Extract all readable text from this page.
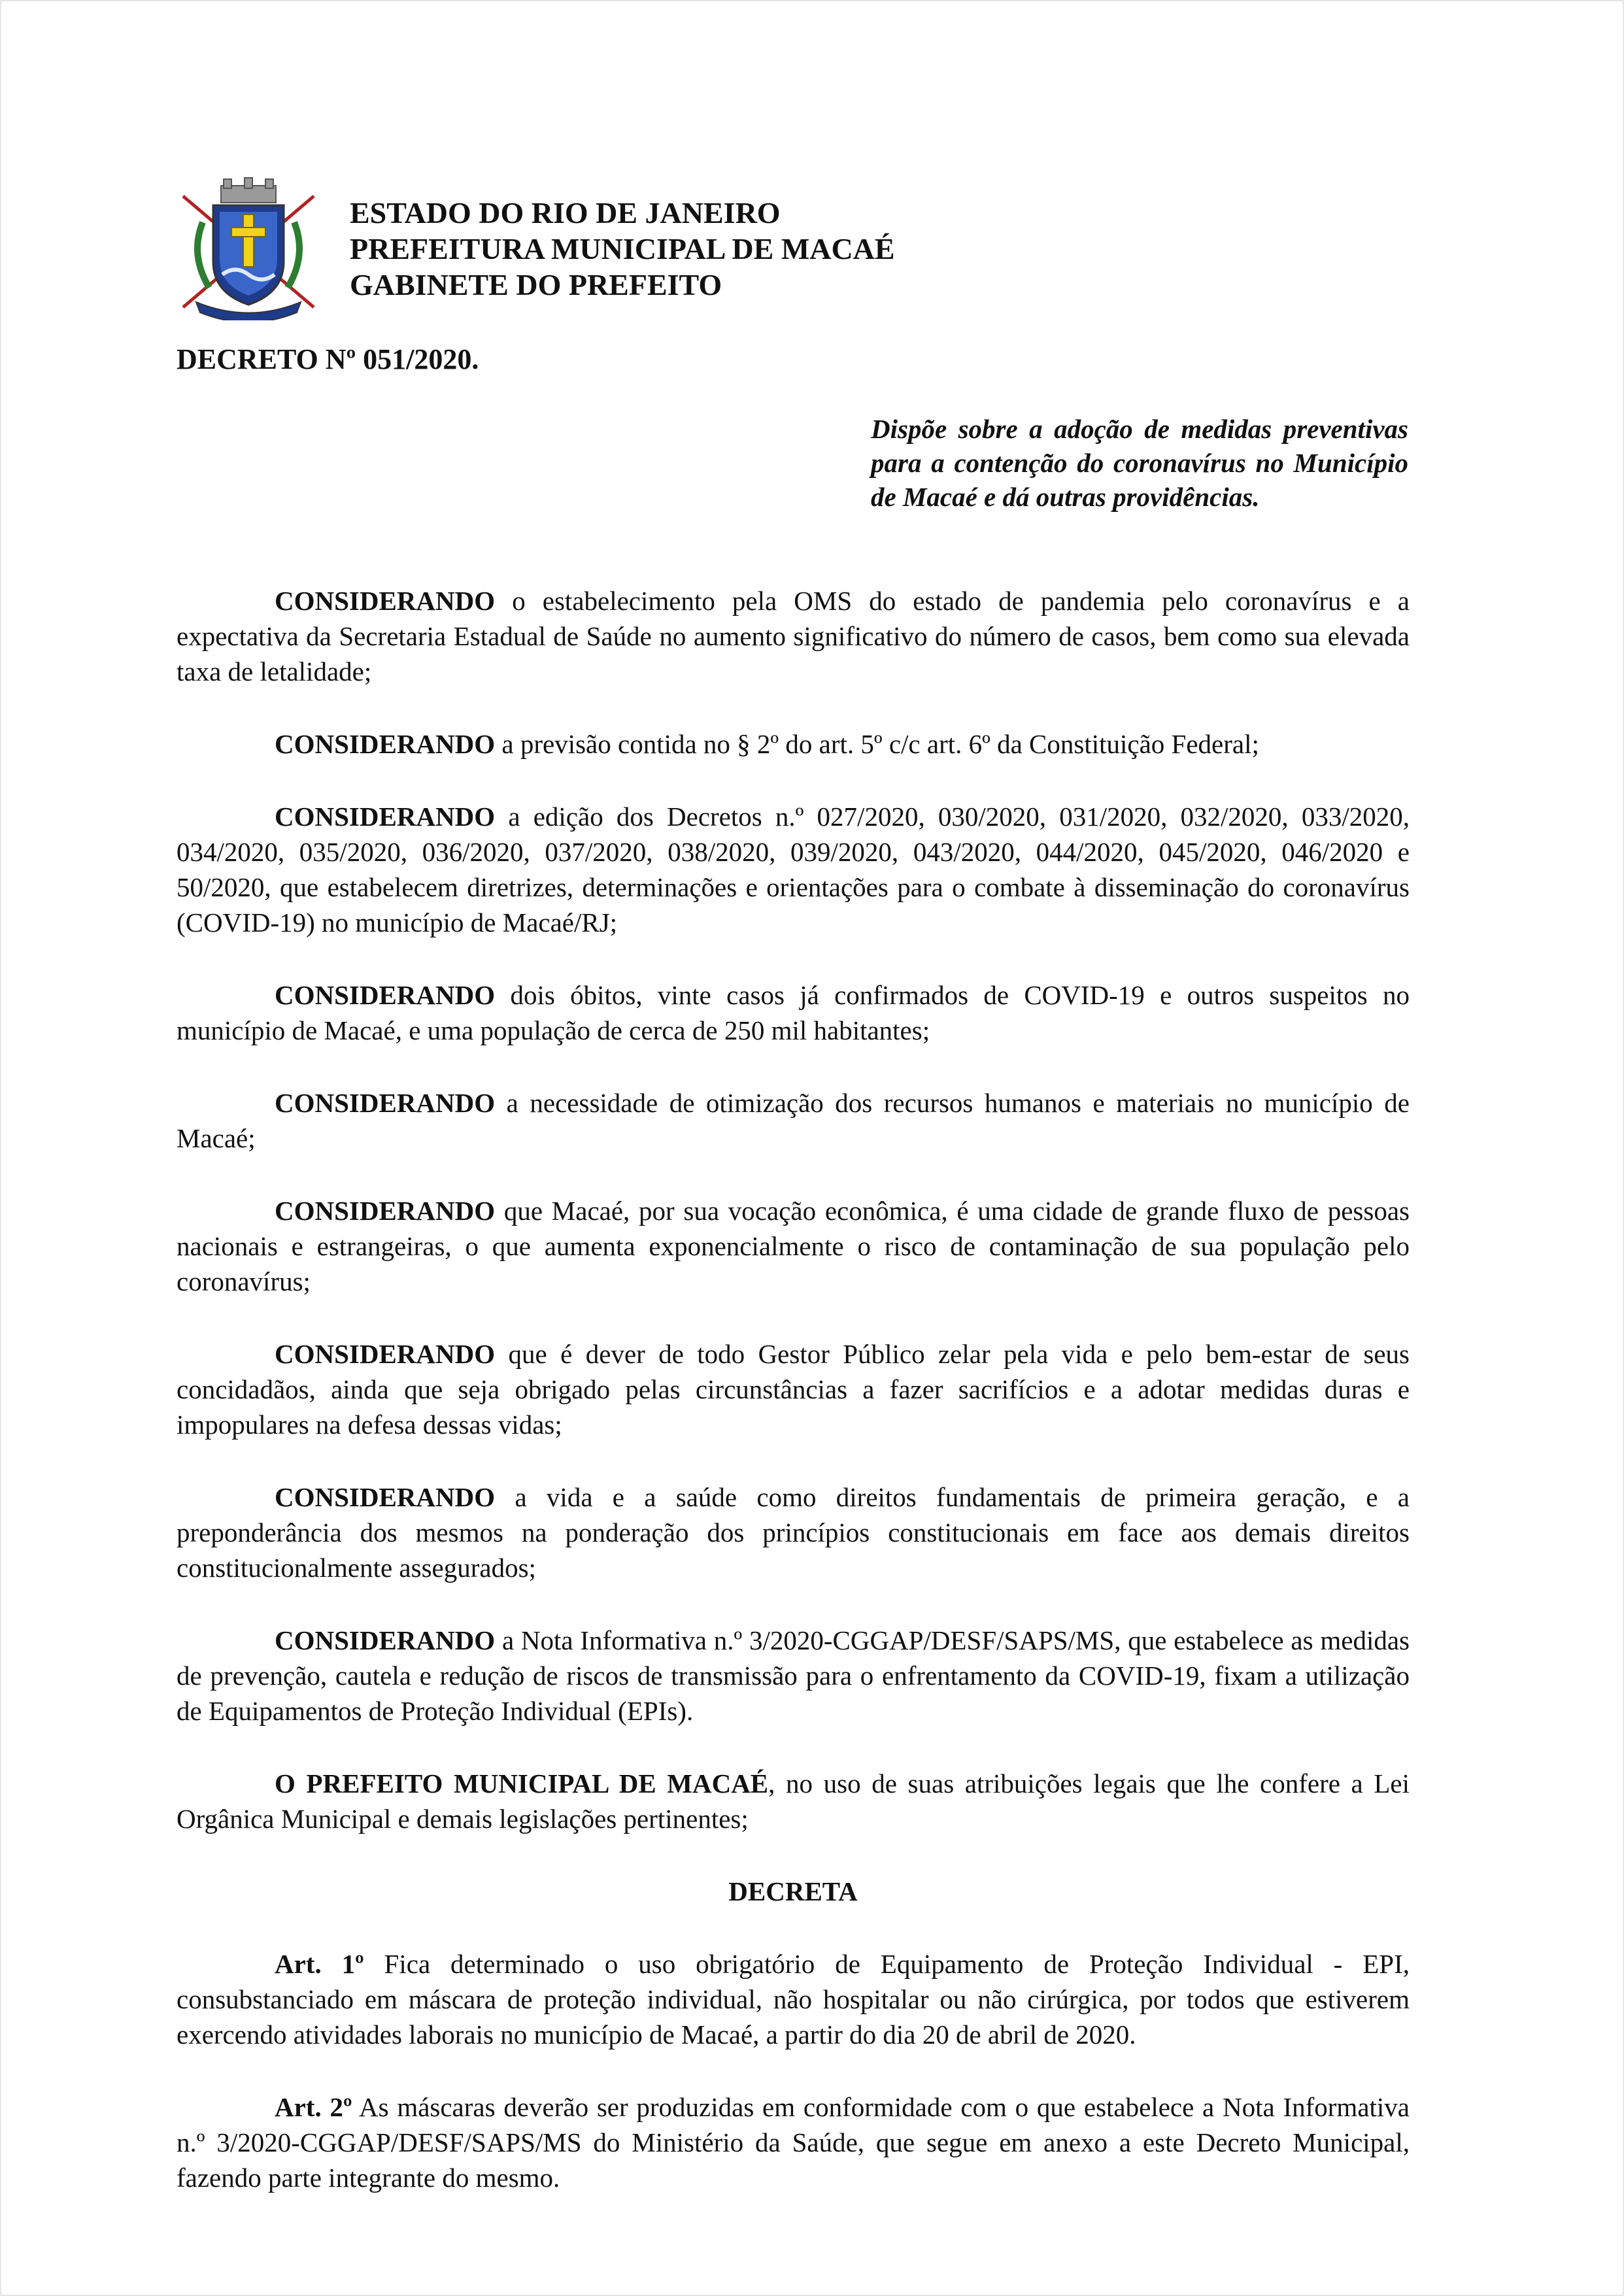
ESTADO DO RIO DE JANEIRO
PREFEITURA MUNICIPAL DE MACAÉ
GABINETE DO PREFEITO
DECRETO Nº 051/2020.
Dispõe sobre a adoção de medidas preventivas para a contenção do coronavírus no Município de Macaé e dá outras providências.

CONSIDERANDO o estabelecimento pela OMS do estado de pandemia pelo coronavírus e a expectativa da Secretaria Estadual de Saúde no aumento significativo do número de casos, bem como sua elevada taxa de letalidade;

CONSIDERANDO a previsão contida no § 2º do art. 5º c/c art. 6º da Constituição Federal;

CONSIDERANDO a edição dos Decretos n.º 027/2020, 030/2020, 031/2020, 032/2020, 033/2020, 034/2020, 035/2020, 036/2020, 037/2020, 038/2020, 039/2020, 043/2020, 044/2020, 045/2020, 046/2020 e 50/2020, que estabelecem diretrizes, determinações e orientações para o combate à disseminação do coronavírus (COVID-19) no município de Macaé/RJ;

CONSIDERANDO dois óbitos, vinte casos já confirmados de COVID-19 e outros suspeitos no município de Macaé, e uma população de cerca de 250 mil habitantes;

CONSIDERANDO a necessidade de otimização dos recursos humanos e materiais no município de Macaé;

CONSIDERANDO que Macaé, por sua vocação econômica, é uma cidade de grande fluxo de pessoas nacionais e estrangeiras, o que aumenta exponencialmente o risco de contaminação de sua população pelo coronavírus;

CONSIDERANDO que é dever de todo Gestor Público zelar pela vida e pelo bem-estar de seus concidadãos, ainda que seja obrigado pelas circunstâncias a fazer sacrifícios e a adotar medidas duras e impopulares na defesa dessas vidas;

CONSIDERANDO a vida e a saúde como direitos fundamentais de primeira geração, e a preponderância dos mesmos na ponderação dos princípios constitucionais em face aos demais direitos constitucionalmente assegurados;

CONSIDERANDO a Nota Informativa n.º 3/2020-CGGAP/DESF/SAPS/MS, que estabelece as medidas de prevenção, cautela e redução de riscos de transmissão para o enfrentamento da COVID-19, fixam a utilização de Equipamentos de Proteção Individual (EPIs).

O PREFEITO MUNICIPAL DE MACAÉ, no uso de suas atribuições legais que lhe confere a Lei Orgânica Municipal e demais legislações pertinentes;

DECRETA

Art. 1º Fica determinado o uso obrigatório de Equipamento de Proteção Individual - EPI, consubstanciado em máscara de proteção individual, não hospitalar ou não cirúrgica, por todos que estiverem exercendo atividades laborais no município de Macaé, a partir do dia 20 de abril de 2020.

Art. 2º As máscaras deverão ser produzidas em conformidade com o que estabelece a Nota Informativa n.º 3/2020-CGGAP/DESF/SAPS/MS do Ministério da Saúde, que segue em anexo a este Decreto Municipal, fazendo parte integrante do mesmo.
